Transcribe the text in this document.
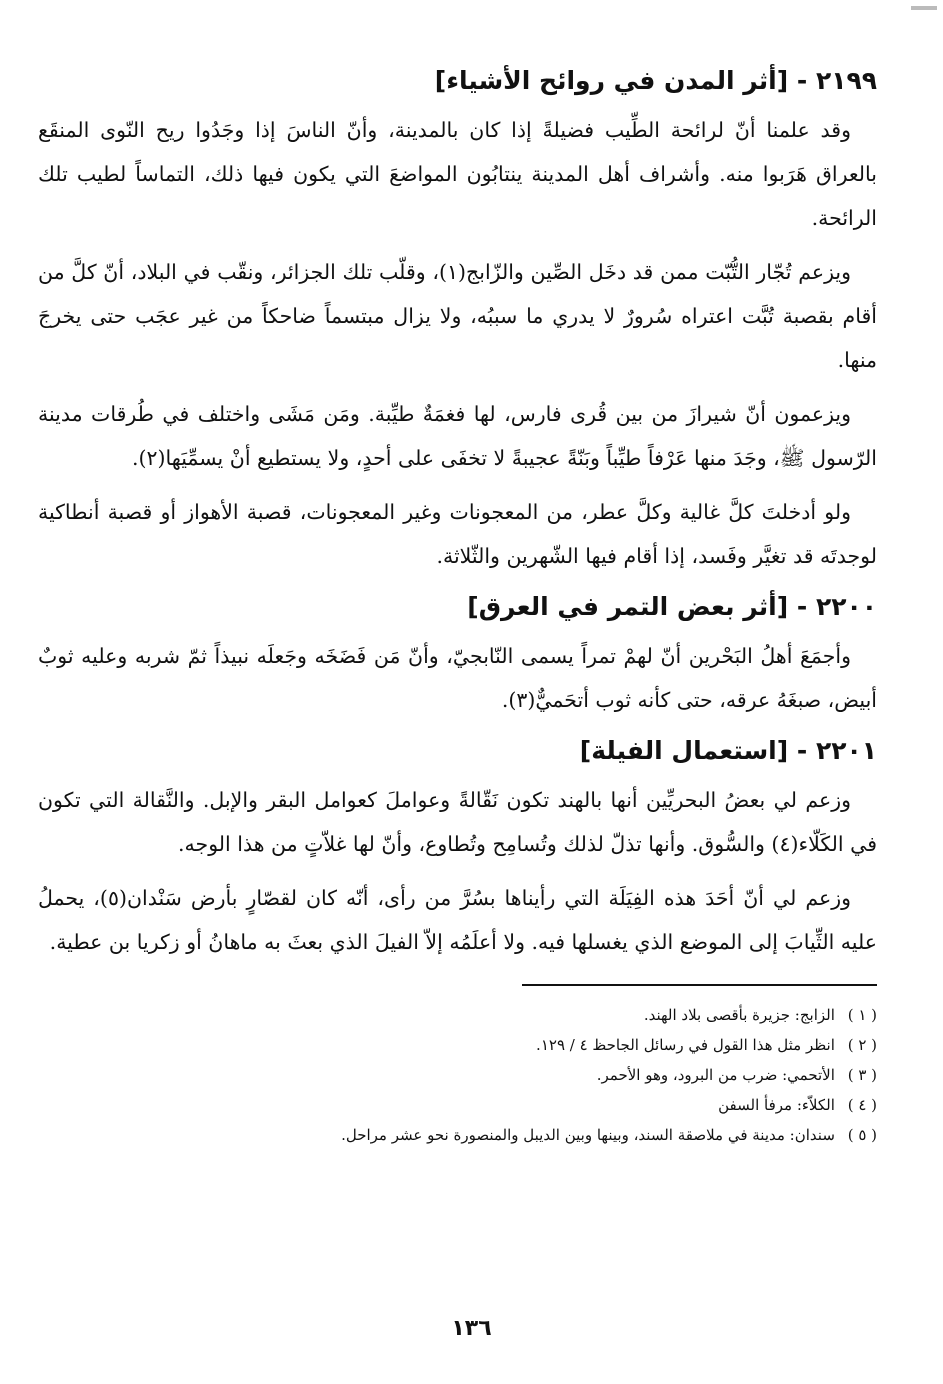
٢١٩٩ - [أثر المدن في روائح الأشياء]

وقد علمنا أنّ لرائحة الطِّيب فضيلةً إذا كان بالمدينة، وأنّ الناسَ إذا وجَدُوا ريح النّوى المنقَع بالعراق هَرَبوا منه. وأشراف أهل المدينة ينتابُون المواضعَ التي يكون فيها ذلك، التماساً لطيب تلك الرائحة.

ويزعم تُجّار التُّبّت ممن قد دخَل الصِّين والزّابج(١)، وقلّب تلك الجزائر، ونقّب في البلاد، أنّ كلَّ من أقام بقصبة تُبَّت اعتراه سُرورٌ لا يدري ما سببُه، ولا يزال مبتسماً ضاحكاً من غير عجَب حتى يخرجَ منها.

ويزعمون أنّ شيرازَ من بين قُرى فارس، لها فغمَةٌ طيِّبة. ومَن مَشَى واختلف في طُرقات مدينة الرّسول ﷺ، وجَدَ منها عَرْفاً طيِّباً وبَنّةً عجيبةً لا تخفَى على أحدٍ، ولا يستطيع أنْ يسمِّيَها(٢).

ولو أدخلتَ كلَّ غالية وكلَّ عطر، من المعجونات وغير المعجونات، قصبة الأهواز أو قصبة أنطاكية لوجدتَه قد تغيَّر وفَسد، إذا أقام فيها الشّهرين والثّلاثة.

٢٢٠٠ - [أثر بعض التمر في العرق]

وأجمَعَ أهلُ البَحْرين أنّ لهمْ تمراً يسمى النّابجيّ، وأنّ مَن فَضَخَه وجَعلَه نبيذاً ثمّ شربه وعليه ثوبٌ أبيض، صبغَهُ عرقه، حتى كأنه ثوب أتحَميٌّ(٣).

٢٢٠١ - [استعمال الفيلة]

وزعم لي بعضُ البحريِّين أنها بالهند تكون نَقّالةً وعواملَ كعوامل البقر والإبل. والنَّقالة التي تكون في الكَلّاء(٤) والسُّوق. وأنها تذلّ لذلك وتُسامِح وتُطاوع، وأنّ لها غلاّتٍ من هذا الوجه.

وزعم لي أنّ أحَدَ هذه الفِيَلَة التي رأيناها بسُرَّ من رأى، أنّه كان لقصّارٍ بأرض سَنْدان(٥)، يحملُ عليه الثِّيابَ إلى الموضع الذي يغسلها فيه. ولا أعلَمُه إلاّ الفيلَ الذي بعثَ به ماهانُ أو زكريا بن عطية.

( ١ ) الزابج: جزيرة بأقصى بلاد الهند.
( ٢ ) انظر مثل هذا القول في رسائل الجاحظ ٤ / ١٢٩.
( ٣ ) الأتحمي: ضرب من البرود، وهو الأحمر.
( ٤ ) الكلاّء: مرفأ السفن
( ٥ ) سندان: مدينة في ملاصقة السند، وبينها وبين الديبل والمنصورة نحو عشر مراحل.
١٣٦
